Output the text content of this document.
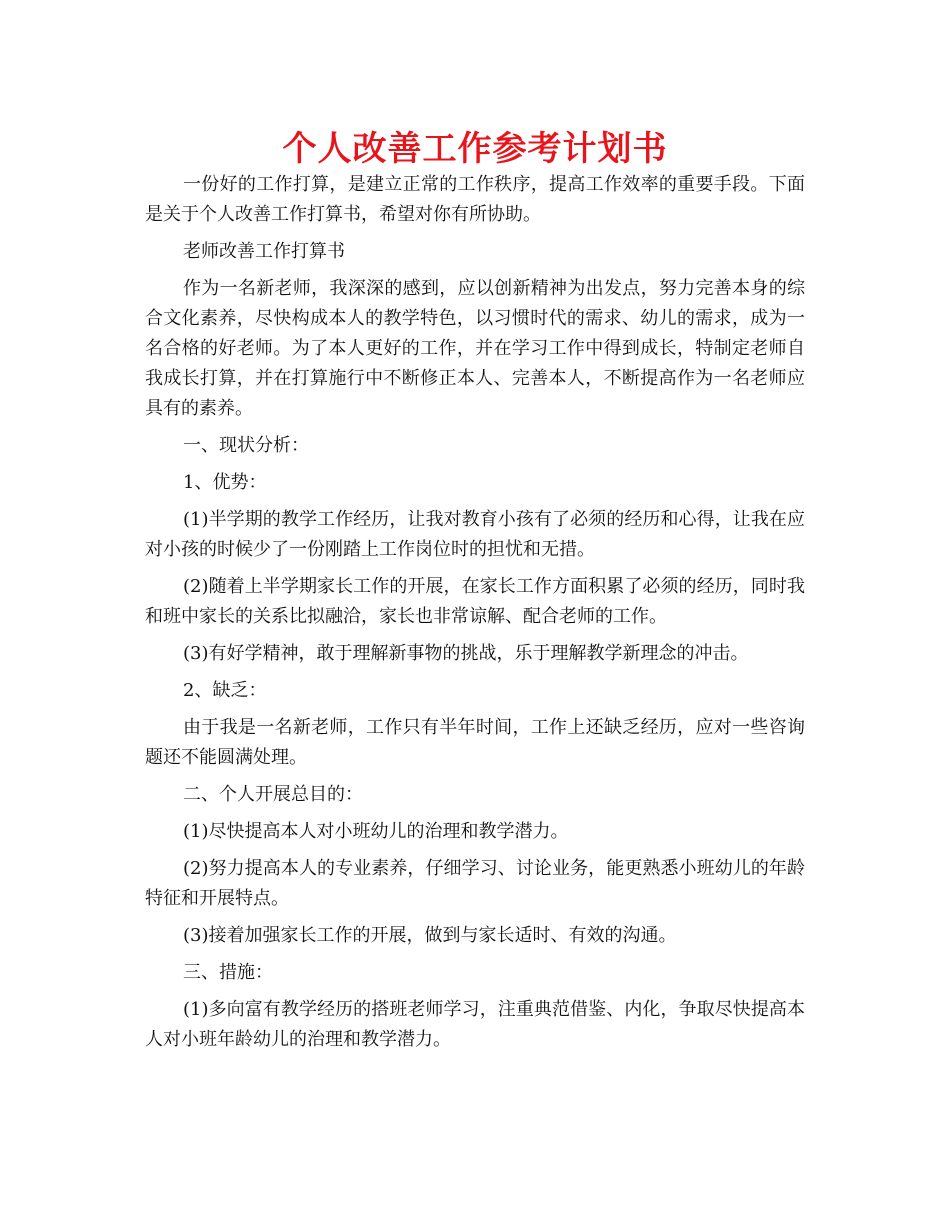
个人改善工作参考计划书

一份好的工作打算，是建立正常的工作秩序，提高工作效率的重要手段。下面是关于个人改善工作打算书，希望对你有所协助。

老师改善工作打算书

作为一名新老师，我深深的感到，应以创新精神为出发点，努力完善本身的综合文化素养，尽快构成本人的教学特色，以习惯时代的需求、幼儿的需求，成为一名合格的好老师。为了本人更好的工作，并在学习工作中得到成长，特制定老师自我成长打算，并在打算施行中不断修正本人、完善本人，不断提高作为一名老师应具有的素养。

一、现状分析：

1、优势：

(1)半学期的教学工作经历，让我对教育小孩有了必须的经历和心得，让我在应对小孩的时候少了一份刚踏上工作岗位时的担忧和无措。

(2)随着上半学期家长工作的开展，在家长工作方面积累了必须的经历，同时我和班中家长的关系比拟融洽，家长也非常谅解、配合老师的工作。

(3)有好学精神，敢于理解新事物的挑战，乐于理解教学新理念的冲击。

2、缺乏：

由于我是一名新老师，工作只有半年时间，工作上还缺乏经历，应对一些咨询题还不能圆满处理。

二、个人开展总目的：

(1)尽快提高本人对小班幼儿的治理和教学潜力。

(2)努力提高本人的专业素养，仔细学习、讨论业务，能更熟悉小班幼儿的年龄特征和开展特点。

(3)接着加强家长工作的开展，做到与家长适时、有效的沟通。

三、措施：

(1)多向富有教学经历的搭班老师学习，注重典范借鉴、内化，争取尽快提高本人对小班年龄幼儿的治理和教学潜力。
